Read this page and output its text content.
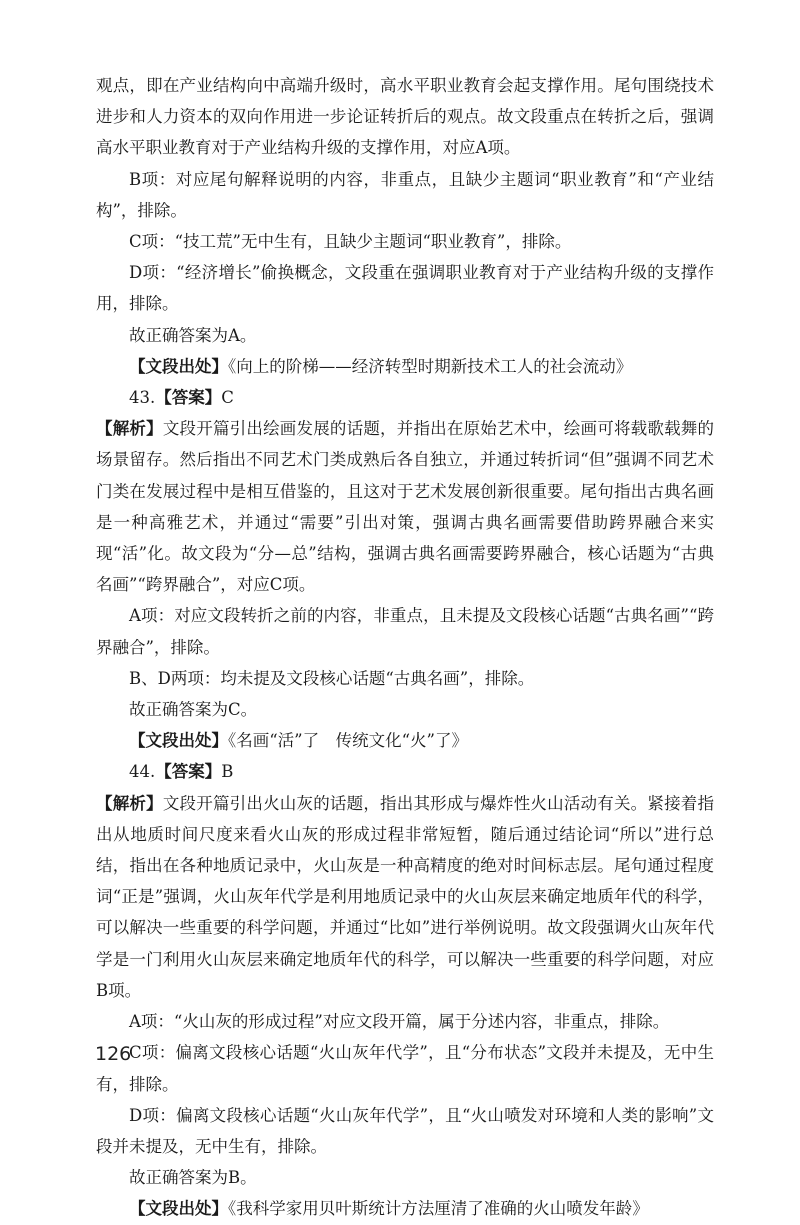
观点，即在产业结构向中高端升级时，高水平职业教育会起支撑作用。尾句围绕技术进步和人力资本的双向作用进一步论证转折后的观点。故文段重点在转折之后，强调高水平职业教育对于产业结构升级的支撑作用，对应A项。

B项：对应尾句解释说明的内容，非重点，且缺少主题词“职业教育”和“产业结构”，排除。

C项：“技工荒”无中生有，且缺少主题词“职业教育”，排除。

D项：“经济增长”偷换概念，文段重在强调职业教育对于产业结构升级的支撑作用，排除。

故正确答案为A。

【文段出处】《向上的阶梯——经济转型时期新技术工人的社会流动》

43.【答案】C

【解析】文段开篇引出绘画发展的话题，并指出在原始艺术中，绘画可将载歌载舞的场景留存。然后指出不同艺术门类成熟后各自独立，并通过转折词“但”强调不同艺术门类在发展过程中是相互借鉴的，且这对于艺术发展创新很重要。尾句指出古典名画是一种高雅艺术，并通过“需要”引出对策，强调古典名画需要借助跨界融合来实现“活”化。故文段为“分—总”结构，强调古典名画需要跨界融合，核心话题为“古典名画”“跨界融合”，对应C项。

A项：对应文段转折之前的内容，非重点，且未提及文段核心话题“古典名画”“跨界融合”，排除。

B、D两项：均未提及文段核心话题“古典名画”，排除。

故正确答案为C。

【文段出处】《名画“活”了　传统文化“火”了》

44.【答案】B

【解析】文段开篇引出火山灰的话题，指出其形成与爆炸性火山活动有关。紧接着指出从地质时间尺度来看火山灰的形成过程非常短暂，随后通过结论词“所以”进行总结，指出在各种地质记录中，火山灰是一种高精度的绝对时间标志层。尾句通过程度词“正是”强调，火山灰年代学是利用地质记录中的火山灰层来确定地质年代的科学，可以解决一些重要的科学问题，并通过“比如”进行举例说明。故文段强调火山灰年代学是一门利用火山灰层来确定地质年代的科学，可以解决一些重要的科学问题，对应B项。

A项：“火山灰的形成过程”对应文段开篇，属于分述内容，非重点，排除。

C项：偏离文段核心话题“火山灰年代学”，且“分布状态”文段并未提及，无中生有，排除。

D项：偏离文段核心话题“火山灰年代学”，且“火山喷发对环境和人类的影响”文段并未提及，无中生有，排除。

故正确答案为B。

【文段出处】《我科学家用贝叶斯统计方法厘清了准确的火山喷发年龄》

126
